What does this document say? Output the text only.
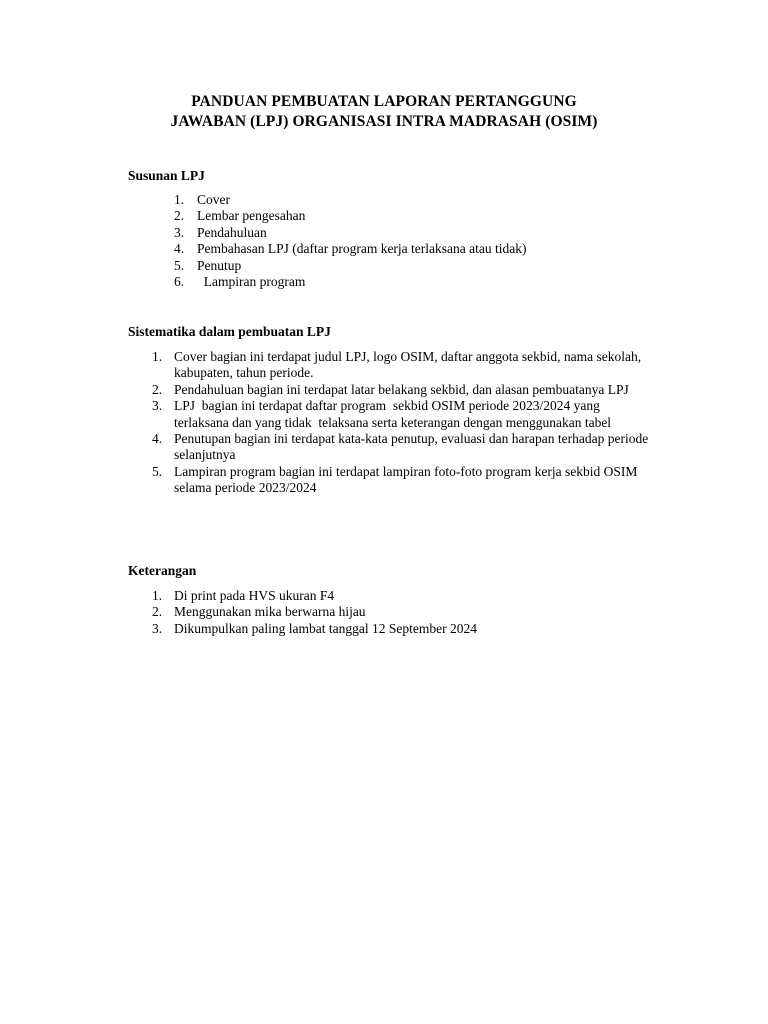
PANDUAN PEMBUATAN LAPORAN PERTANGGUNG
JAWABAN (LPJ) ORGANISASI INTRA MADRASAH (OSIM)
Susunan LPJ
1. Cover
2. Lembar pengesahan
3. Pendahuluan
4. Pembahasan LPJ (daftar program kerja terlaksana atau tidak)
5. Penutup
6. Lampiran program
Sistematika dalam pembuatan LPJ
1. Cover bagian ini terdapat judul LPJ, logo OSIM, daftar anggota sekbid, nama sekolah, kabupaten, tahun periode.
2. Pendahuluan bagian ini terdapat latar belakang sekbid, dan alasan pembuatanya LPJ
3. LPJ  bagian ini terdapat daftar program  sekbid OSIM periode 2023/2024 yang terlaksana dan yang tidak  telaksana serta keterangan dengan menggunakan tabel
4. Penutupan bagian ini terdapat kata-kata penutup, evaluasi dan harapan terhadap periode selanjutnya
5. Lampiran program bagian ini terdapat lampiran foto-foto program kerja sekbid OSIM selama periode 2023/2024
Keterangan
1. Di print pada HVS ukuran F4
2. Menggunakan mika berwarna hijau
3. Dikumpulkan paling lambat tanggal 12 September 2024
